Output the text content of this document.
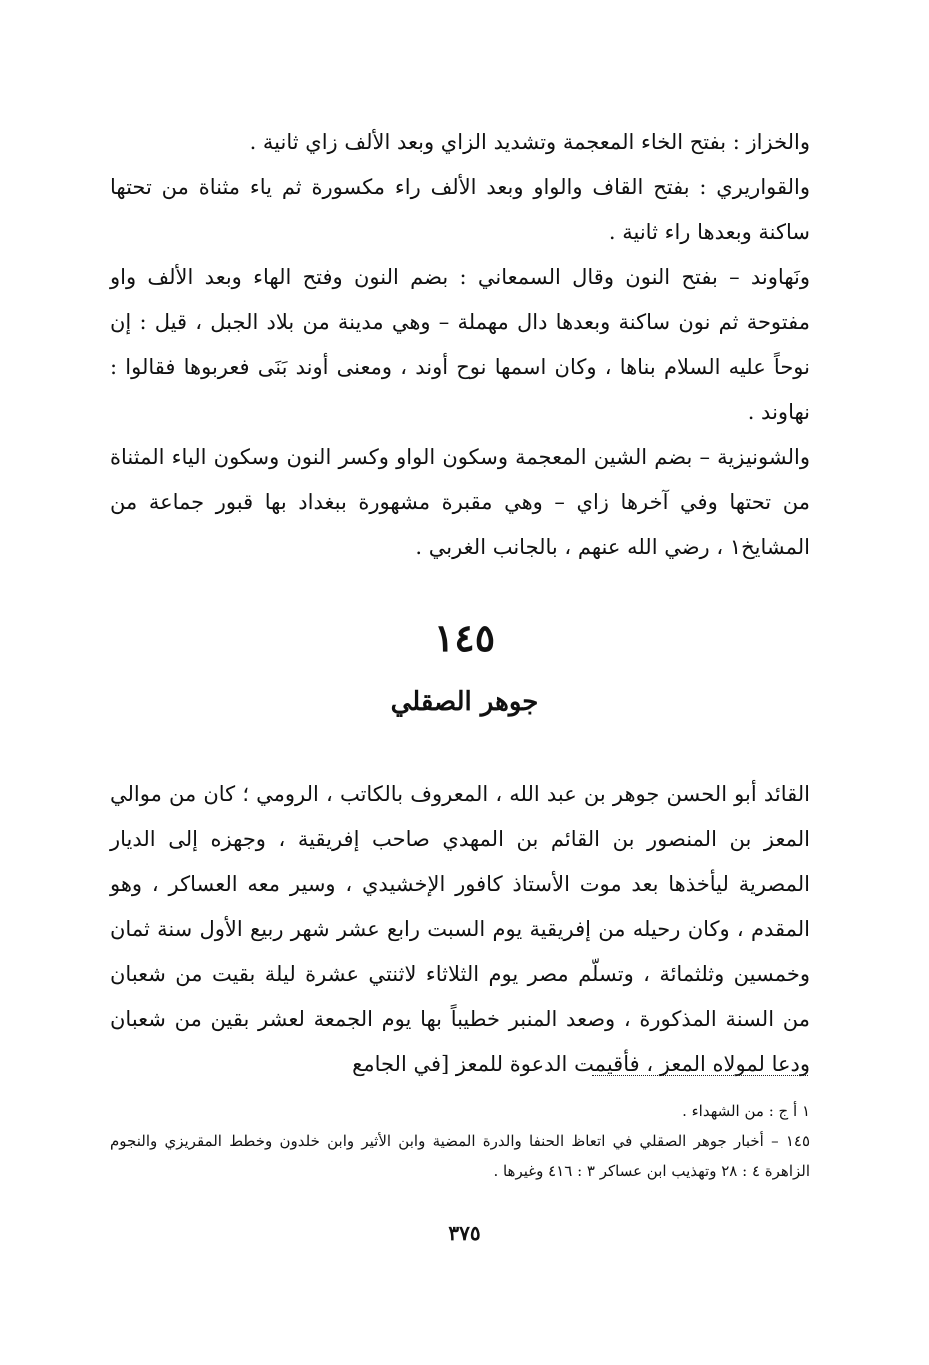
والخزاز : بفتح الخاء المعجمة وتشديد الزاي وبعد الألف زاي ثانية .

والقواريري : بفتح القاف والواو وبعد الألف راء مكسورة ثم ياء مثناة من تحتها ساكنة وبعدها راء ثانية .

ونَهاوند – بفتح النون وقال السمعاني : بضم النون وفتح الهاء وبعد الألف واو مفتوحة ثم نون ساكنة وبعدها دال مهملة – وهي مدينة من بلاد الجبل ، قيل : إن نوحاً عليه السلام بناها ، وكان اسمها نوح أوند ، ومعنى أوند بَنَى فعربوها فقالوا : نهاوند .

والشونيزية – بضم الشين المعجمة وسكون الواو وكسر النون وسكون الياء المثناة من تحتها وفي آخرها زاي – وهي مقبرة مشهورة ببغداد بها قبور جماعة من المشايخ١ ، رضي الله عنهم ، بالجانب الغربي .

١٤٥
جوهر الصقلي

القائد أبو الحسن جوهر بن عبد الله ، المعروف بالكاتب ، الرومي ؛ كان من موالي المعز بن المنصور بن القائم بن المهدي صاحب إفريقية ، وجهزه إلى الديار المصرية ليأخذها بعد موت الأستاذ كافور الإخشيدي ، وسير معه العساكر ، وهو المقدم ، وكان رحيله من إفريقية يوم السبت رابع عشر شهر ربيع الأول سنة ثمان وخمسين وثلثمائة ، وتسلّم مصر يوم الثلاثاء لاثنتي عشرة ليلة بقيت من شعبان من السنة المذكورة ، وصعد المنبر خطيباً بها يوم الجمعة لعشر بقين من شعبان ودعا لمولاه المعز ، فأقيمت الدعوة للمعز [في الجامع

١ أ ج : من الشهداء .

١٤٥ – أخبار جوهر الصقلي في اتعاظ الحنفا والدرة المضية وابن الأثير وابن خلدون وخطط المقريزي والنجوم الزاهرة ٤ : ٢٨ وتهذيب ابن عساكر ٣ : ٤١٦ وغيرها .

٣٧٥
